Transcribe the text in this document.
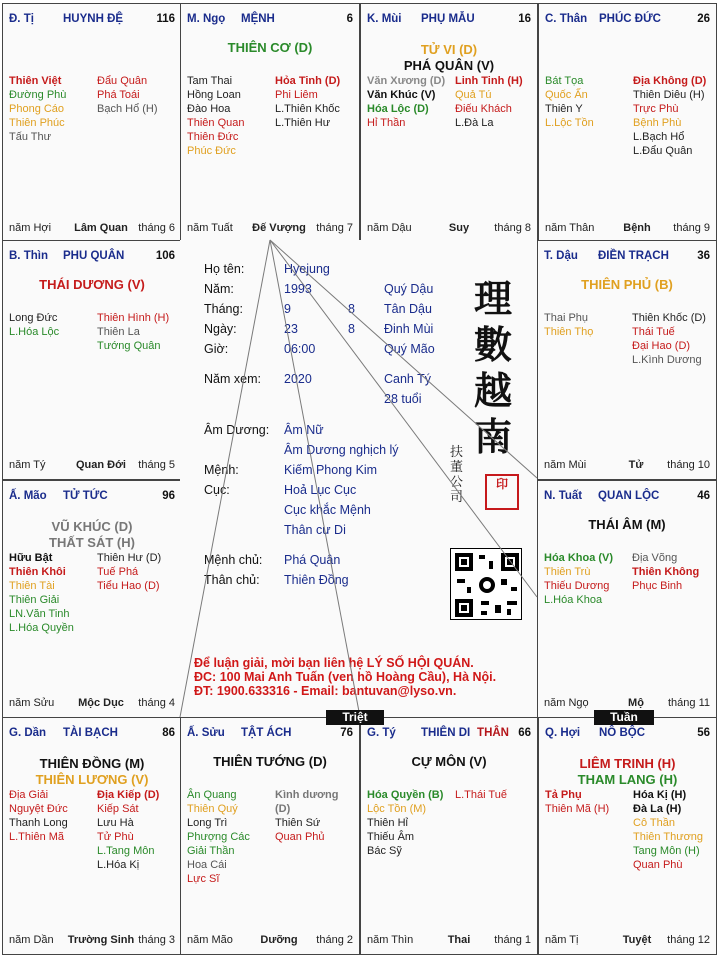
Đ. Tị	HUYNH ĐỆ	116
Thiên Việt
Đường Phù
Phong Cáo
Thiên Phúc
Tấu Thư
Đẩu Quân
Phá Toái
Bạch Hổ (H)
năm Hợi	Lâm Quan tháng 6
M. Ngọ MỆNH	6
THIÊN CƠ (D)
Tam Thai
Hồng Loan
Đào Hoa
Thiên Quan
Thiên Đức
Phúc Đức
Hỏa Tinh (D)
Phi Liêm
L.Thiên Khốc
L.Thiên Hư
năm Tuất	Đế Vượng tháng 7
K. Mùi PHỤ MẪU	16
TỬ VI (D)
PHÁ QUÂN (V)
Văn Xương (D)
Văn Khúc (V)
Hóa Lộc (D)
Hỉ Thần
Linh Tinh (H)
Quả Tú
Điếu Khách
L.Đà La
năm Dậu	Suy	tháng 8
C. Thân PHÚC ĐỨC	26
Bát Tọa
Quốc Ấn
Thiên Y
L.Lộc Tồn
Địa Không (D)
Thiên Diêu (H)
Trực Phù
Bệnh Phù
L.Bạch Hổ
L.Đẩu Quân
năm Thân	Bệnh	tháng 9
B. Thìn PHU QUÂN	106
THÁI DƯƠNG (V)
Long Đức
L.Hóa Lộc
Thiên Hình (H)
Thiên La
Tướng Quân
năm Tý	Quan Đới	tháng 5
T. Dậu ĐIỀN TRẠCH 36
THIÊN PHỦ (B)
Thai Phụ
Thiên Thọ
Thiên Khốc (D)
Thái Tuế
Đại Hao (D)
L.Kình Dương
năm Mùi	Tử	tháng 10
Ấ. Mão TỬ TỨC	96
VŨ KHÚC (D)
THẤT SÁT (H)
Hữu Bật
Thiên Khôi
Thiên Tài
Thiên Giải
LN.Văn Tinh
L.Hóa Quyền
Thiên Hư (D)
Tuế Phá
Tiểu Hao (D)
năm Sửu	Mộc Dục	tháng 4
N. Tuất QUAN LỘC	46
THÁI ÂM (M)
Hóa Khoa (V)
Thiên Trù
Thiếu Dương
L.Hóa Khoa
Địa Võng
Thiên Không
Phục Binh
năm Ngọ	Mộ	tháng 11
G. Dần TÀI BẠCH	86
THIÊN ĐỒNG (M)
THIÊN LƯƠNG (V)
Địa Giải
Nguyệt Đức
Thanh Long
L.Thiên Mã
Địa Kiếp (D)
Kiếp Sát
Lưu Hà
Tử Phù
L.Tang Môn
L.Hóa Kị
năm Dần Trường Sinh tháng 3
Ấ. Sửu TẬT ÁCH	76
THIÊN TƯỚNG (D)
Ân Quang
Thiên Quý
Long Trì
Phượng Các
Giải Thần
Hoa Cái
Lực Sĩ
Kình dương (D)
Thiên Sứ
Quan Phủ
năm Mão	Dưỡng	tháng 2
G. Tý THIÊN DI THÂN 66
CỰ MÔN (V)
Hóa Quyền (B)
Lộc Tồn (M)
Thiên Hỉ
Thiếu Âm
Bác Sỹ
L.Thái Tuế
năm Thìn	Thai	tháng 1
Q. Hợi NÔ BỘC	56
LIÊM TRINH (H)
THAM LANG (H)
Tả Phụ
Thiên Mã (H)
Hóa Kị (H)
Đà La (H)
Cô Thần
Thiên Thương
Tang Môn (H)
Quan Phù
năm Tị	Tuyệt	tháng 12
Họ tên:	Hyejung
Năm:	1993	Quý Dậu
Tháng:	9	8 Tân Dậu
Ngày:	23	8 Đinh Mùi
Giờ:	06:00	Quý Mão
Năm xem: 2020	Canh Tý
28 tuổi
Âm Dương: Âm Nữ
Âm Dương nghịch lý
Mệnh:	Kiếm Phong Kim
Cục:	Hoả Lục Cục
Cục khắc Mệnh
Thân cư Di
Mệnh chủ: Phá Quân
Thân chủ: Thiên Đồng
理
數
越
南
扶
董
公
司
印
Để luận giải, mời bạn liên hệ LÝ SỐ HỘI QUÁN.
ĐC: 100 Mai Anh Tuấn (ven hồ Hoàng Cầu), Hà Nội.
ĐT: 1900.633316 - Email: bantuvan@lyso.vn.
Triệt	Tuần
